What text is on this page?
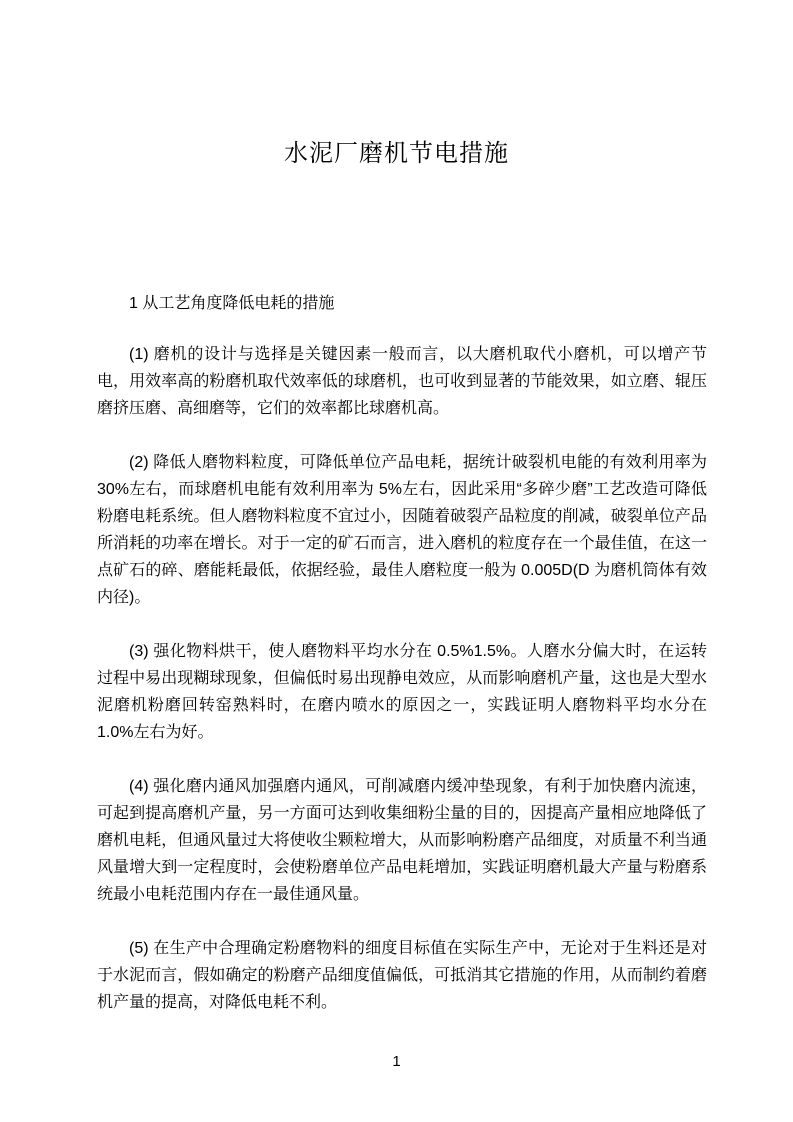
水泥厂磨机节电措施

1 从工艺角度降低电耗的措施

(1) 磨机的设计与选择是关键因素一般而言，以大磨机取代小磨机，可以增产节电，用效率高的粉磨机取代效率低的球磨机，也可收到显著的节能效果，如立磨、辊压磨挤压磨、高细磨等，它们的效率都比球磨机高。

(2) 降低人磨物料粒度，可降低单位产品电耗，据统计破裂机电能的有效利用率为 30%左右，而球磨机电能有效利用率为 5%左右，因此采用“多碎少磨”工艺改造可降低粉磨电耗系统。但人磨物料粒度不宜过小，因随着破裂产品粒度的削减，破裂单位产品所消耗的功率在增长。对于一定的矿石而言，进入磨机的粒度存在一个最佳值，在这一点矿石的碎、磨能耗最低，依据经验，最佳人磨粒度一般为 0.005D(D 为磨机筒体有效内径)。

(3) 强化物料烘干，使人磨物料平均水分在 0.5%1.5%。人磨水分偏大时，在运转过程中易出现糊球现象，但偏低时易出现静电效应，从而影响磨机产量，这也是大型水泥磨机粉磨回转窑熟料时，在磨内喷水的原因之一，实践证明人磨物料平均水分在 1.0%左右为好。

(4) 强化磨内通风加强磨内通风，可削减磨内缓冲垫现象，有利于加快磨内流速，可起到提高磨机产量，另一方面可达到收集细粉尘量的目的，因提高产量相应地降低了磨机电耗，但通风量过大将使收尘颗粒增大，从而影响粉磨产品细度，对质量不利当通风量增大到一定程度时，会使粉磨单位产品电耗增加，实践证明磨机最大产量与粉磨系统最小电耗范围内存在一最佳通风量。

(5) 在生产中合理确定粉磨物料的细度目标值在实际生产中，无论对于生料还是对于水泥而言，假如确定的粉磨产品细度值偏低，可抵消其它措施的作用，从而制约着磨机产量的提高，对降低电耗不利。

1
